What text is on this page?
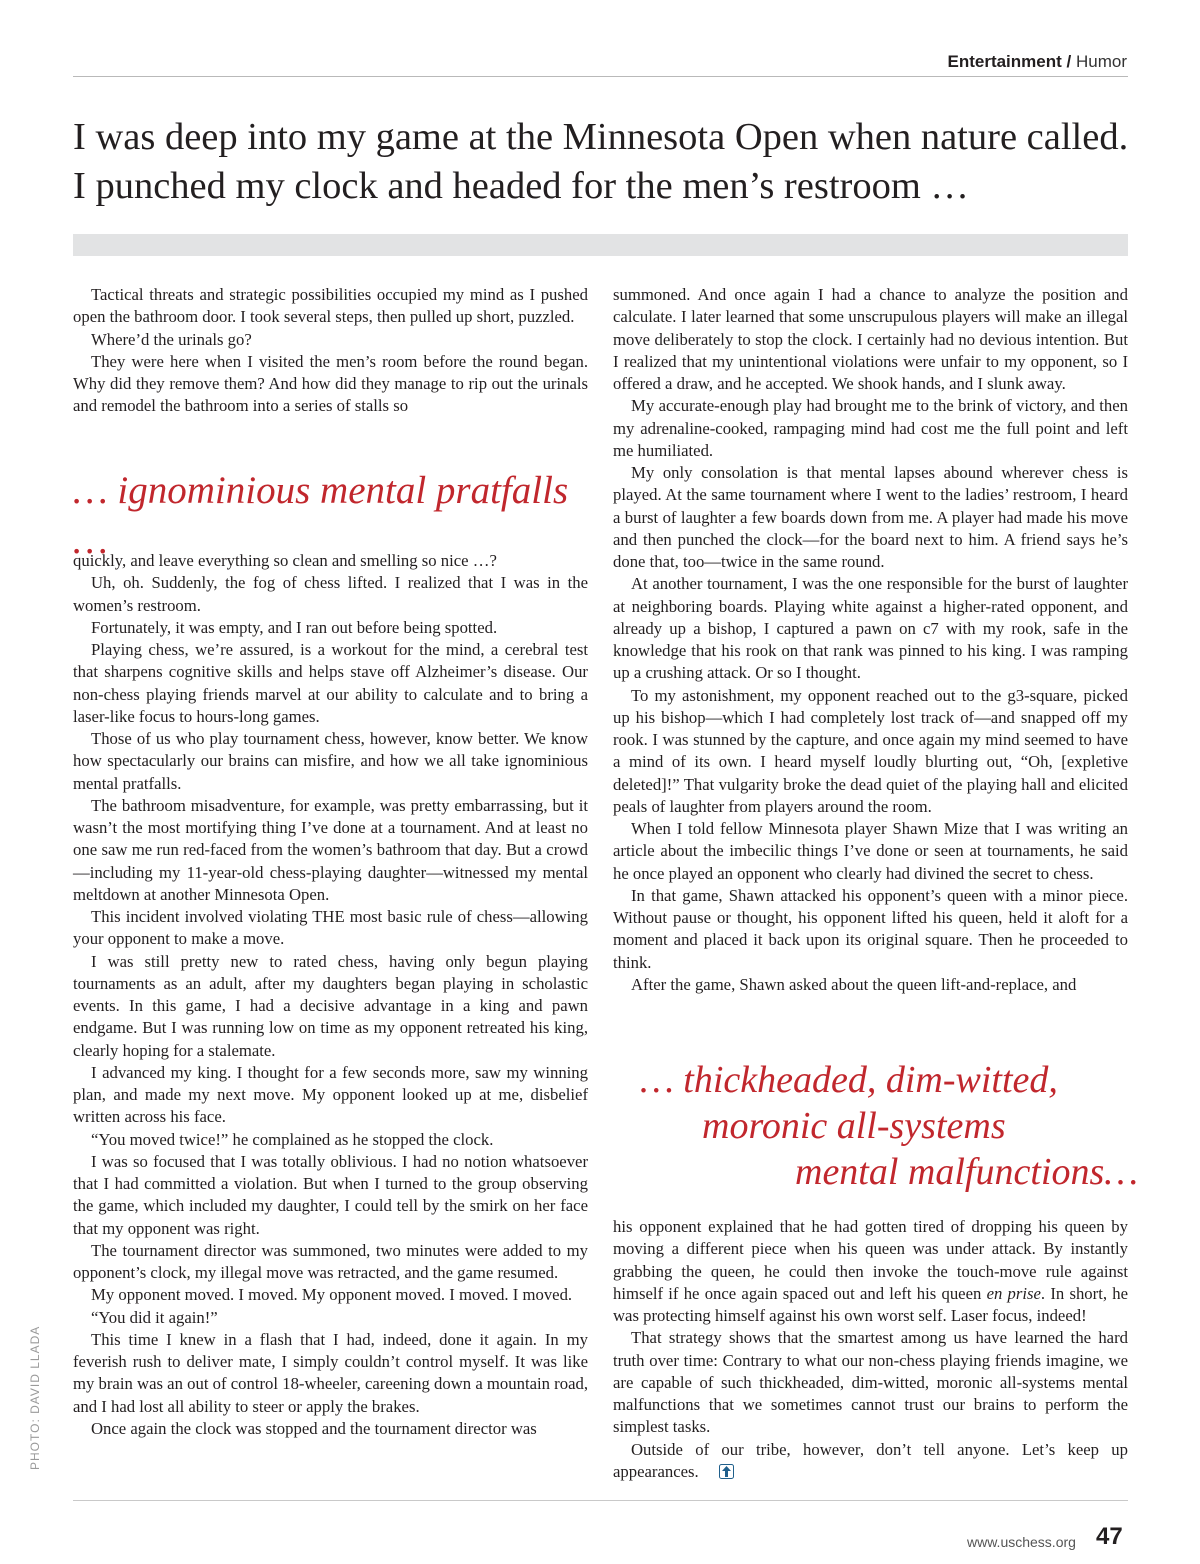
Entertainment / Humor
I was deep into my game at the Minnesota Open when nature called. I punched my clock and headed for the men’s restroom …

Tactical threats and strategic possibilities occupied my mind as I pushed open the bathroom door. I took several steps, then pulled up short, puzzled.

Where’d the urinals go?

They were here when I visited the men’s room before the round began. Why did they remove them? And how did they manage to rip out the urinals and remodel the bathroom into a series of stalls so

… ignominious mental pratfalls …

quickly, and leave everything so clean and smelling so nice …?

Uh, oh. Suddenly, the fog of chess lifted. I realized that I was in the women’s restroom.

Fortunately, it was empty, and I ran out before being spotted.

Playing chess, we’re assured, is a workout for the mind, a cerebral test that sharpens cognitive skills and helps stave off Alzheimer’s disease. Our non-chess playing friends marvel at our ability to calculate and to bring a laser-like focus to hours-long games.

Those of us who play tournament chess, however, know better. We know how spectacularly our brains can misfire, and how we all take ignominious mental pratfalls.

The bathroom misadventure, for example, was pretty embarrassing, but it wasn’t the most mortifying thing I’ve done at a tournament. And at least no one saw me run red-faced from the women’s bathroom that day. But a crowd—including my 11-year-old chess-playing daughter—witnessed my mental meltdown at another Minnesota Open.

This incident involved violating THE most basic rule of chess—allowing your opponent to make a move.

I was still pretty new to rated chess, having only begun playing tournaments as an adult, after my daughters began playing in scholastic events. In this game, I had a decisive advantage in a king and pawn endgame. But I was running low on time as my opponent retreated his king, clearly hoping for a stalemate.

I advanced my king. I thought for a few seconds more, saw my winning plan, and made my next move. My opponent looked up at me, disbelief written across his face.

“You moved twice!” he complained as he stopped the clock.

I was so focused that I was totally oblivious. I had no notion whatsoever that I had committed a violation. But when I turned to the group observing the game, which included my daughter, I could tell by the smirk on her face that my opponent was right.

The tournament director was summoned, two minutes were added to my opponent’s clock, my illegal move was retracted, and the game resumed.

My opponent moved. I moved. My opponent moved. I moved. I moved.

“You did it again!”

This time I knew in a flash that I had, indeed, done it again. In my feverish rush to deliver mate, I simply couldn’t control myself. It was like my brain was an out of control 18-wheeler, careening down a mountain road, and I had lost all ability to steer or apply the brakes.

Once again the clock was stopped and the tournament director was

summoned. And once again I had a chance to analyze the position and calculate. I later learned that some unscrupulous players will make an illegal move deliberately to stop the clock. I certainly had no devious intention. But I realized that my unintentional violations were unfair to my opponent, so I offered a draw, and he accepted. We shook hands, and I slunk away.

My accurate-enough play had brought me to the brink of victory, and then my adrenaline-cooked, rampaging mind had cost me the full point and left me humiliated.

My only consolation is that mental lapses abound wherever chess is played. At the same tournament where I went to the ladies’ restroom, I heard a burst of laughter a few boards down from me. A player had made his move and then punched the clock—for the board next to him. A friend says he’s done that, too—twice in the same round.

At another tournament, I was the one responsible for the burst of laughter at neighboring boards. Playing white against a higher-rated opponent, and already up a bishop, I captured a pawn on c7 with my rook, safe in the knowledge that his rook on that rank was pinned to his king. I was ramping up a crushing attack. Or so I thought.

To my astonishment, my opponent reached out to the g3-square, picked up his bishop—which I had completely lost track of—and snapped off my rook. I was stunned by the capture, and once again my mind seemed to have a mind of its own. I heard myself loudly blurting out, “Oh, [expletive deleted]!” That vulgarity broke the dead quiet of the playing hall and elicited peals of laughter from players around the room.

When I told fellow Minnesota player Shawn Mize that I was writing an article about the imbecilic things I’ve done or seen at tournaments, he said he once played an opponent who clearly had divined the secret to chess.

In that game, Shawn attacked his opponent’s queen with a minor piece. Without pause or thought, his opponent lifted his queen, held it aloft for a moment and placed it back upon its original square. Then he proceeded to think.

After the game, Shawn asked about the queen lift-and-replace, and

… thickheaded, dim-witted,
moronic all-systems
mental malfunctions…

his opponent explained that he had gotten tired of dropping his queen by moving a different piece when his queen was under attack. By instantly grabbing the queen, he could then invoke the touch-move rule against himself if he once again spaced out and left his queen en prise. In short, he was protecting himself against his own worst self. Laser focus, indeed!

That strategy shows that the smartest among us have learned the hard truth over time: Contrary to what our non-chess playing friends imagine, we are capable of such thickheaded, dim-witted, moronic all-systems mental malfunctions that we sometimes cannot trust our brains to perform the simplest tasks.

Outside of our tribe, however, don’t tell anyone. Let’s keep up appearances.

PHOTO: DAVID LLADA
www.uschess.org 47
